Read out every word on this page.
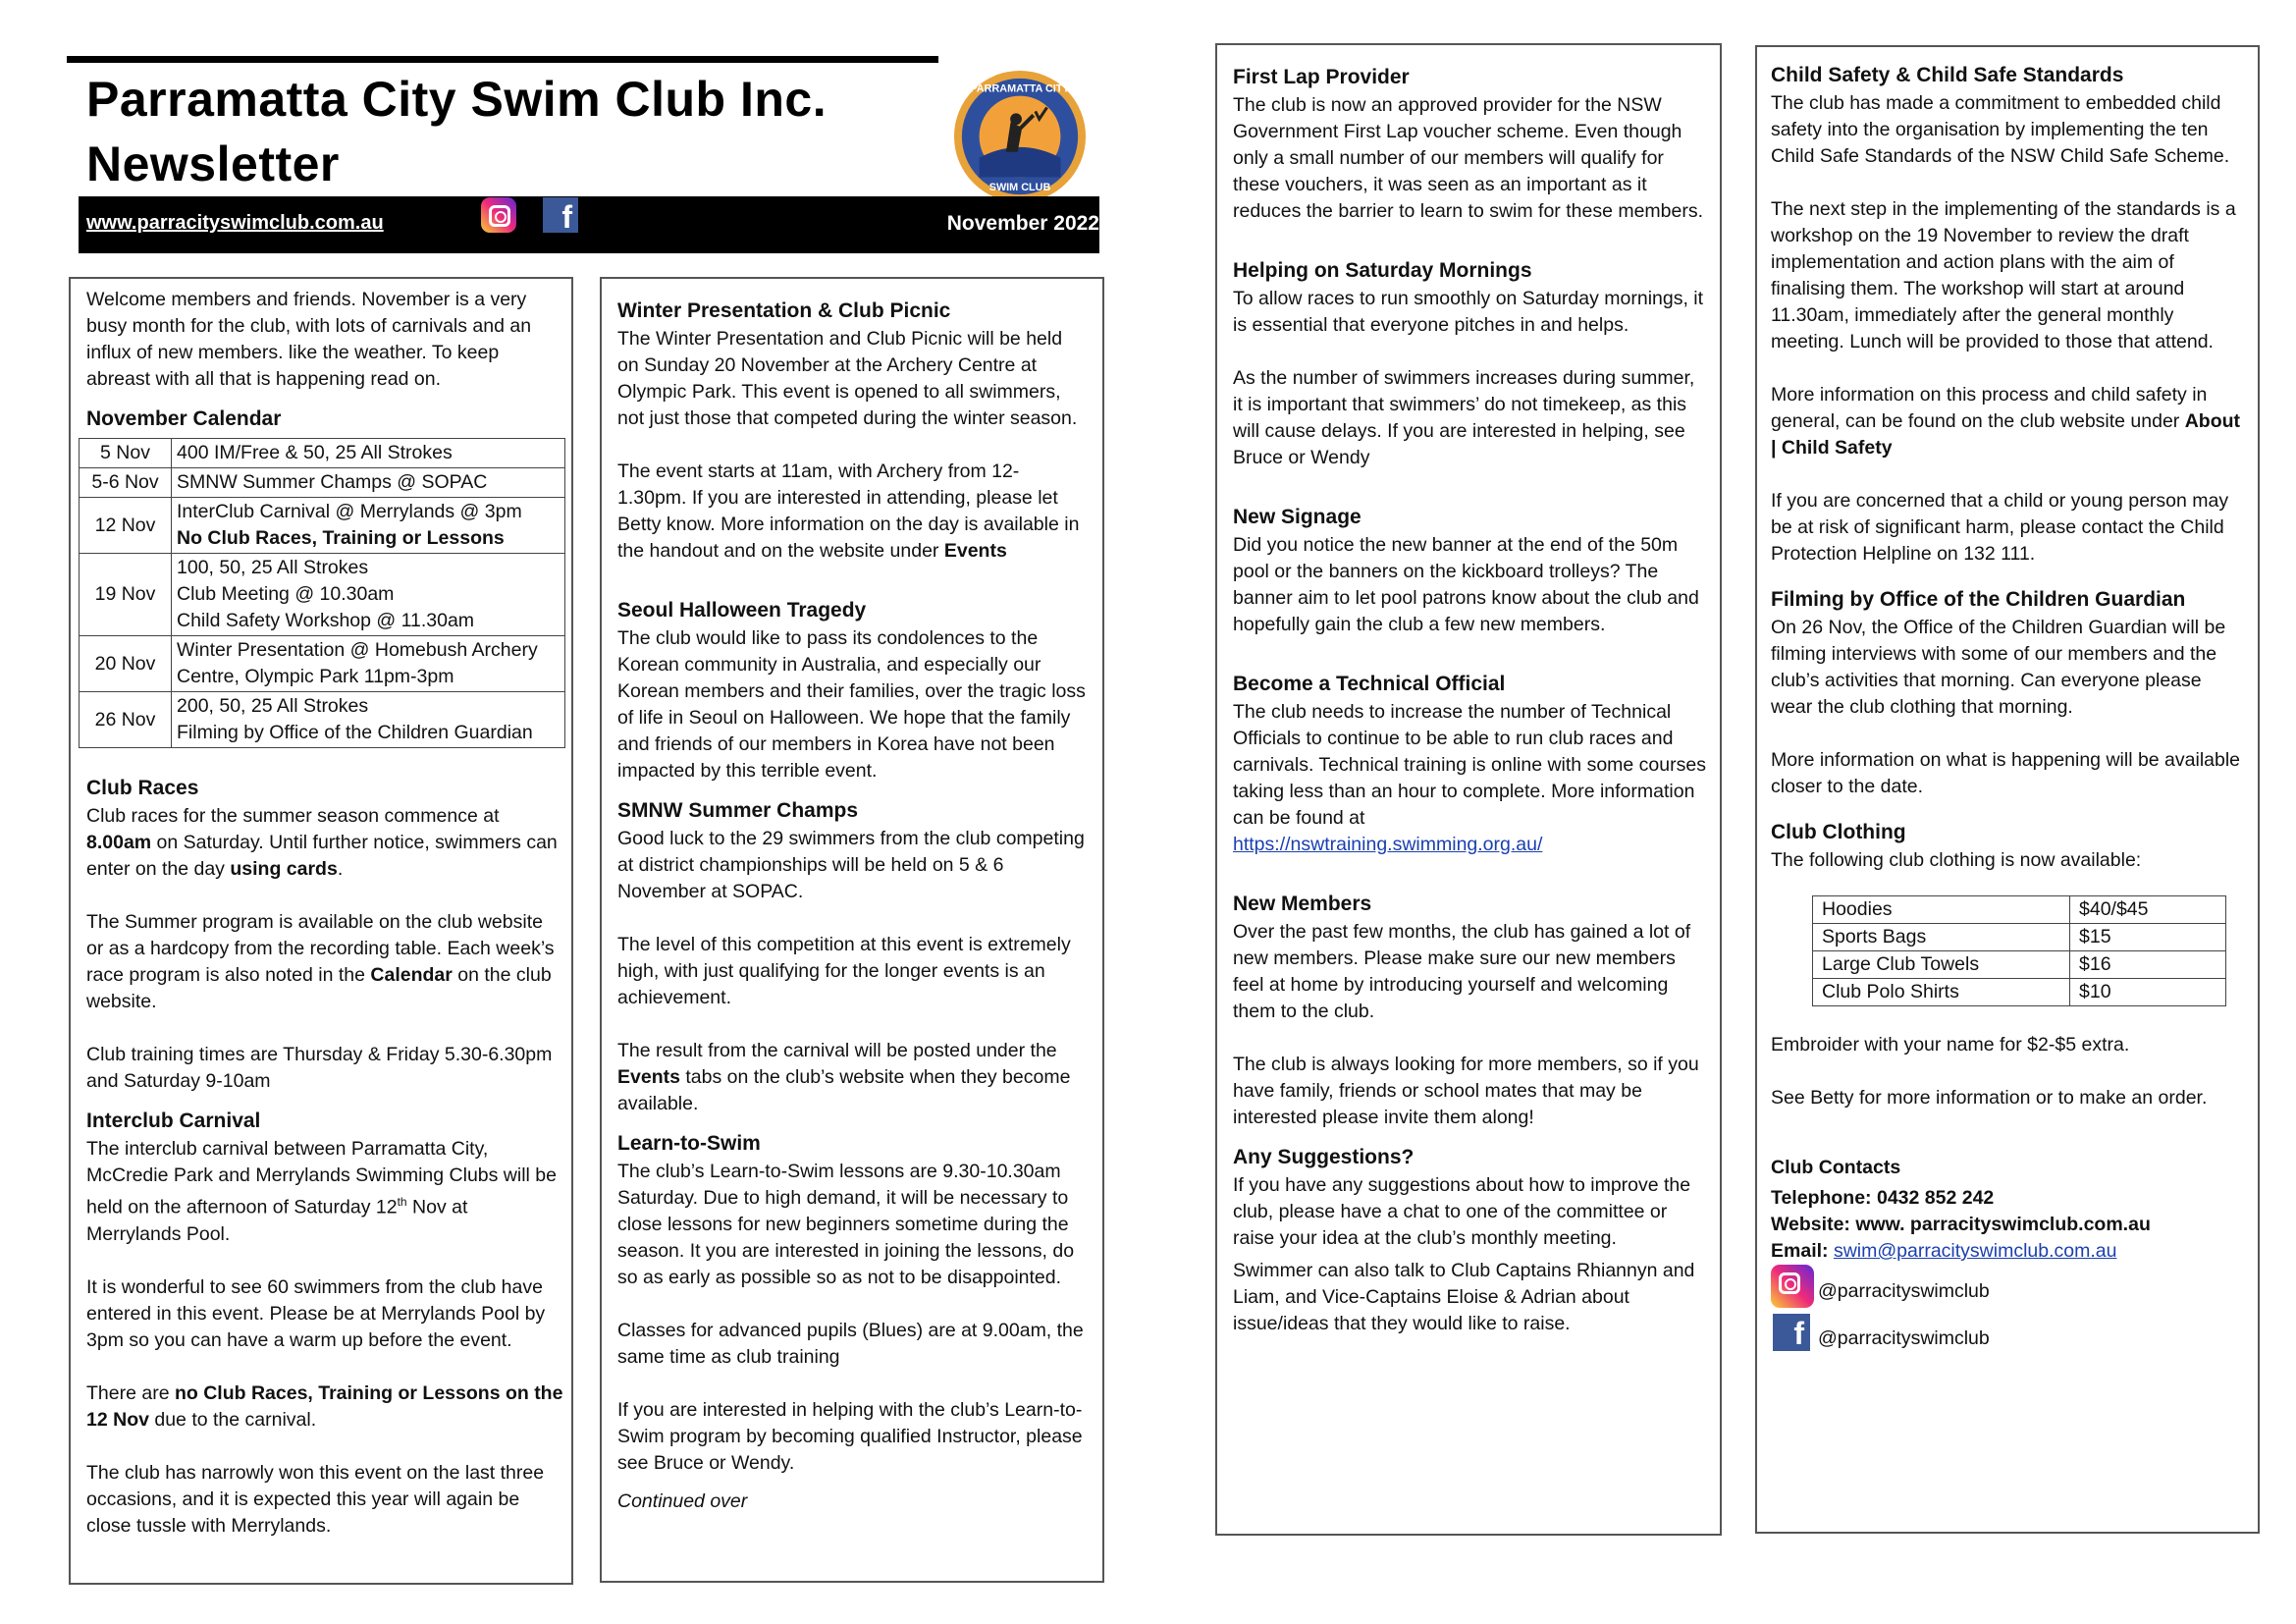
Parramatta City Swim Club Inc.
Newsletter
PARRAMATTA CITY
SWIM CLUB
www.parracityswimclub.com.au	f	November 2022

Welcome members and friends. November is a very busy month for the club, with lots of carnivals and an influx of new members. like the weather. To keep abreast with all that is happening read on.

November Calendar
5 Nov	400 IM/Free & 50, 25 All Strokes

5-6 Nov	SMNW Summer Champs @ SOPAC

12 Nov	InterClub Carnival @ Merrylands @ 3pm
No Club Races, Training or Lessons

19 Nov	100, 50, 25 All Strokes
Club Meeting @ 10.30am
Child Safety Workshop @ 11.30am

20 Nov	Winter Presentation @ Homebush Archery
Centre, Olympic Park 11pm-3pm

26 Nov	200, 50, 25 All Strokes
Filming by Office of the Children Guardian
Club Races

Club races for the summer season commence at 8.00am on Saturday. Until further notice, swimmers can enter on the day using cards.

The Summer program is available on the club website or as a hardcopy from the recording table. Each week’s race program is also noted in the Calendar on the club website.

Club training times are Thursday & Friday 5.30-6.30pm and Saturday 9-10am

Interclub Carnival

The interclub carnival between Parramatta City, McCredie Park and Merrylands Swimming Clubs will be held on the afternoon of Saturday 12th Nov at Merrylands Pool.

It is wonderful to see 60 swimmers from the club have entered in this event. Please be at Merrylands Pool by 3pm so you can have a warm up before the event.

There are no Club Races, Training or Lessons on the 12 Nov due to the carnival.

The club has narrowly won this event on the last three occasions, and it is expected this year will again be close tussle with Merrylands.

Winter Presentation & Club Picnic

The Winter Presentation and Club Picnic will be held on Sunday 20 November at the Archery Centre at Olympic Park. This event is opened to all swimmers, not just those that competed during the winter season.

The event starts at 11am, with Archery from 12-1.30pm. If you are interested in attending, please let Betty know. More information on the day is available in the handout and on the website under Events

Seoul Halloween Tragedy

The club would like to pass its condolences to the Korean community in Australia, and especially our Korean members and their families, over the tragic loss of life in Seoul on Halloween. We hope that the family and friends of our members in Korea have not been impacted by this terrible event.

SMNW Summer Champs

Good luck to the 29 swimmers from the club competing at district championships will be held on 5 & 6 November at SOPAC.

The level of this competition at this event is extremely high, with just qualifying for the longer events is an achievement.

The result from the carnival will be posted under the Events tabs on the club’s website when they become available.

Learn-to-Swim

The club’s Learn-to-Swim lessons are 9.30-10.30am Saturday. Due to high demand, it will be necessary to close lessons for new beginners sometime during the season. It you are interested in joining the lessons, do so as early as possible so as not to be disappointed.

Classes for advanced pupils (Blues) are at 9.00am, the same time as club training

If you are interested in helping with the club’s Learn-to-Swim program by becoming qualified Instructor, please see Bruce or Wendy.

Continued over

First Lap Provider

The club is now an approved provider for the NSW Government First Lap voucher scheme. Even though only a small number of our members will qualify for these vouchers, it was seen as an important as it reduces the barrier to learn to swim for these members.

Helping on Saturday Mornings

To allow races to run smoothly on Saturday mornings, it is essential that everyone pitches in and helps.

As the number of swimmers increases during summer, it is important that swimmers’ do not timekeep, as this will cause delays. If you are interested in helping, see Bruce or Wendy

New Signage

Did you notice the new banner at the end of the 50m pool or the banners on the kickboard trolleys? The banner aim to let pool patrons know about the club and hopefully gain the club a few new members.

Become a Technical Official

The club needs to increase the number of Technical Officials to continue to be able to run club races and carnivals. Technical training is online with some courses taking less than an hour to complete. More information can be found at

https://nswtraining.swimming.org.au/
New Members

Over the past few months, the club has gained a lot of new members. Please make sure our new members feel at home by introducing yourself and welcoming them to the club.

The club is always looking for more members, so if you have family, friends or school mates that may be interested please invite them along!

Any Suggestions?

If you have any suggestions about how to improve the club, please have a chat to one of the committee or raise your idea at the club’s monthly meeting.

Swimmer can also talk to Club Captains Rhiannyn and Liam, and Vice-Captains Eloise & Adrian about issue/ideas that they would like to raise.

Child Safety & Child Safe Standards

The club has made a commitment to embedded child safety into the organisation by implementing the ten Child Safe Standards of the NSW Child Safe Scheme.

The next step in the implementing of the standards is a workshop on the 19 November to review the draft implementation and action plans with the aim of finalising them. The workshop will start at around 11.30am, immediately after the general monthly meeting. Lunch will be provided to those that attend.

More information on this process and child safety in general, can be found on the club website under About | Child Safety

If you are concerned that a child or young person may be at risk of significant harm, please contact the Child Protection Helpline on 132 111.

Filming by Office of the Children Guardian

On 26 Nov, the Office of the Children Guardian will be filming interviews with some of our members and the club’s activities that morning. Can everyone please wear the club clothing that morning.

More information on what is happening will be available closer to the date.

Club Clothing

The following club clothing is now available:

Hoodies	$40/$45
Sports Bags	$15
Large Club Towels	$16
Club Polo Shirts	$10

Embroider with your name for $2-$5 extra.

See Betty for more information or to make an order.

Club Contacts
Telephone: 0432 852 242
Website: www. parracityswimclub.com.au
Email: swim@parracityswimclub.com.au
@parracityswimclub
f @parracityswimclub
